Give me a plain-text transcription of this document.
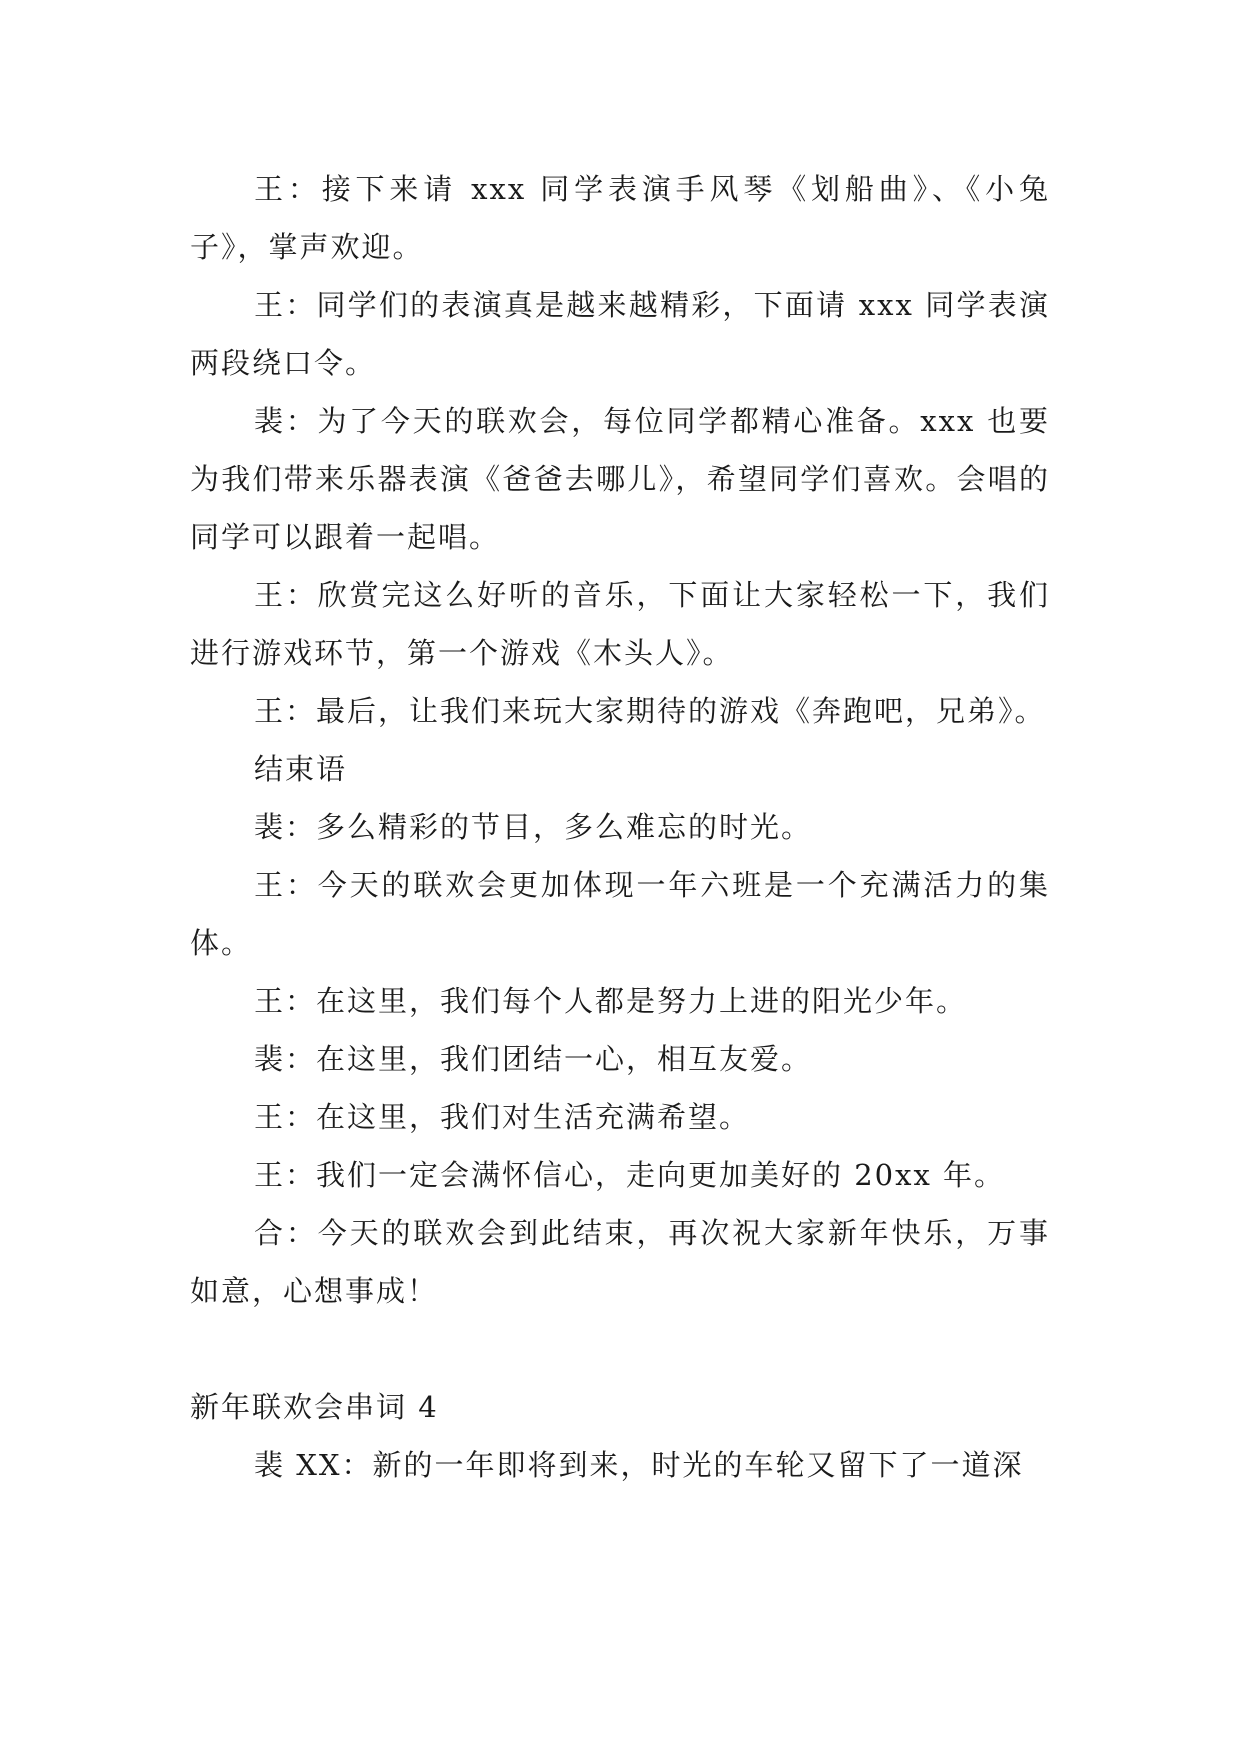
王：接下来请 xxx 同学表演手风琴《划船曲》、《小兔子》，掌声欢迎。

王：同学们的表演真是越来越精彩，下面请 xxx 同学表演两段绕口令。

裴：为了今天的联欢会，每位同学都精心准备。xxx 也要为我们带来乐器表演《爸爸去哪儿》，希望同学们喜欢。会唱的同学可以跟着一起唱。

王：欣赏完这么好听的音乐，下面让大家轻松一下，我们进行游戏环节，第一个游戏《木头人》。

王：最后，让我们来玩大家期待的游戏《奔跑吧，兄弟》。

结束语

裴：多么精彩的节目，多么难忘的时光。

王：今天的联欢会更加体现一年六班是一个充满活力的集体。

王：在这里，我们每个人都是努力上进的阳光少年。

裴：在这里，我们团结一心，相互友爱。

王：在这里，我们对生活充满希望。

王：我们一定会满怀信心，走向更加美好的 20xx 年。

合：今天的联欢会到此结束，再次祝大家新年快乐，万事如意，心想事成！

新年联欢会串词 4

裴 XX：新的一年即将到来，时光的车轮又留下了一道深
